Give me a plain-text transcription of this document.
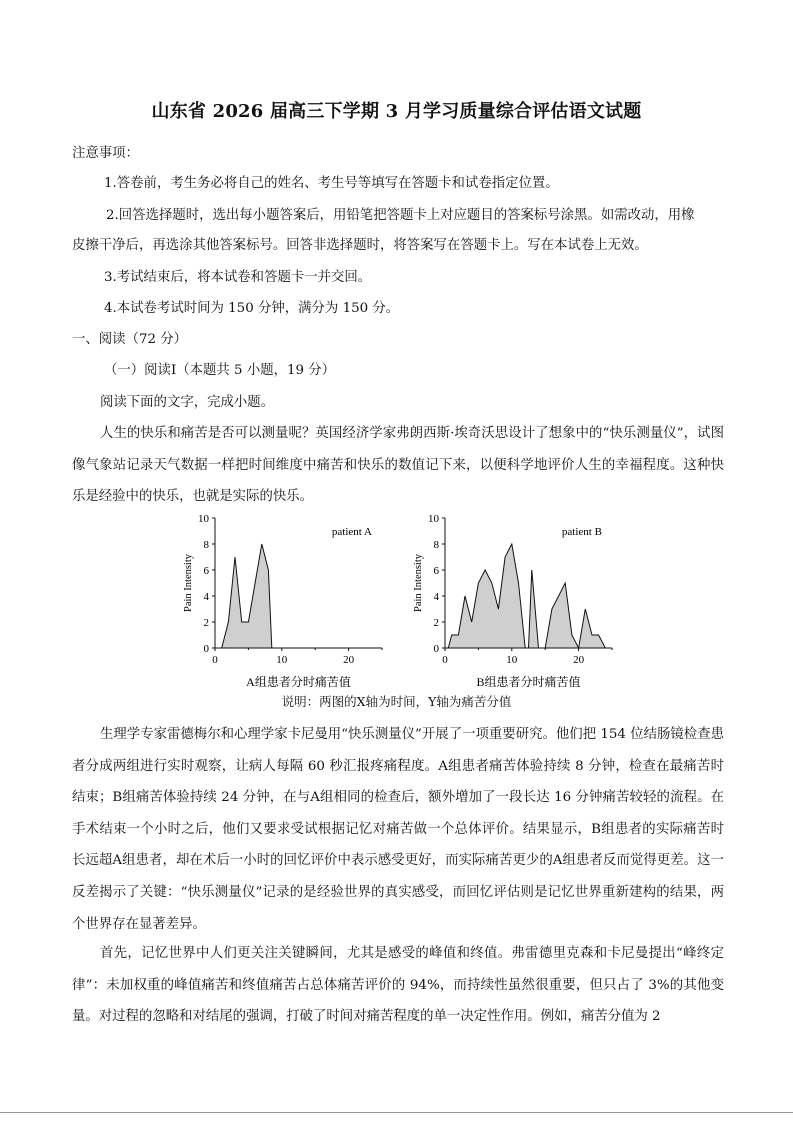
山东省 2026 届高三下学期 3 月学习质量综合评估语文试题
注意事项：
1.答卷前，考生务必将自己的姓名、考生号等填写在答题卡和试卷指定位置。
2.回答选择题时，选出每小题答案后，用铅笔把答题卡上对应题目的答案标号涂黑。如需改动，用橡
皮擦干净后，再选涂其他答案标号。回答非选择题时，将答案写在答题卡上。写在本试卷上无效。
3.考试结束后，将本试卷和答题卡一并交回。
4.本试卷考试时间为 150 分钟，满分为 150 分。
一、阅读（72 分）
（一）阅读Ⅰ（本题共 5 小题，19 分）
阅读下面的文字，完成小题。

人生的快乐和痛苦是否可以测量呢？英国经济学家弗朗西斯·埃奇沃思设计了想象中的“快乐测量仪”，试图像气象站记录天气数据一样把时间维度中痛苦和快乐的数值记下来，以便科学地评价人生的幸福程度。这种快乐是经验中的快乐，也就是实际的快乐。

0
2
4
6
8
10
0	10	20
patient A
Pain Intensity
A组患者分时痛苦值
0
2
4
6
8
10
0	10	20
patient B
Pain Intensity
B组患者分时痛苦值
说明：两图的X轴为时间，Y轴为痛苦分值

生理学专家雷德梅尔和心理学家卡尼曼用“快乐测量仪”开展了一项重要研究。他们把 154 位结肠镜检查患者分成两组进行实时观察，让病人每隔 60 秒汇报疼痛程度。A组患者痛苦体验持续 8 分钟，检查在最痛苦时结束；B组痛苦体验持续 24 分钟，在与A组相同的检查后，额外增加了一段长达 16 分钟痛苦较轻的流程。在手术结束一个小时之后，他们又要求受试根据记忆对痛苦做一个总体评价。结果显示，B组患者的实际痛苦时长远超A组患者，却在术后一小时的回忆评价中表示感受更好，而实际痛苦更少的A组患者反而觉得更差。这一反差揭示了关键：“快乐测量仪”记录的是经验世界的真实感受，而回忆评估则是记忆世界重新建构的结果，两个世界存在显著差异。

首先，记忆世界中人们更关注关键瞬间，尤其是感受的峰值和终值。弗雷德里克森和卡尼曼提出“峰终定律”：未加权重的峰值痛苦和终值痛苦占总体痛苦评价的 94%，而持续性虽然很重要，但只占了 3%的其他变量。对过程的忽略和对结尾的强调，打破了时间对痛苦程度的单一决定性作用。例如，痛苦分值为 2
